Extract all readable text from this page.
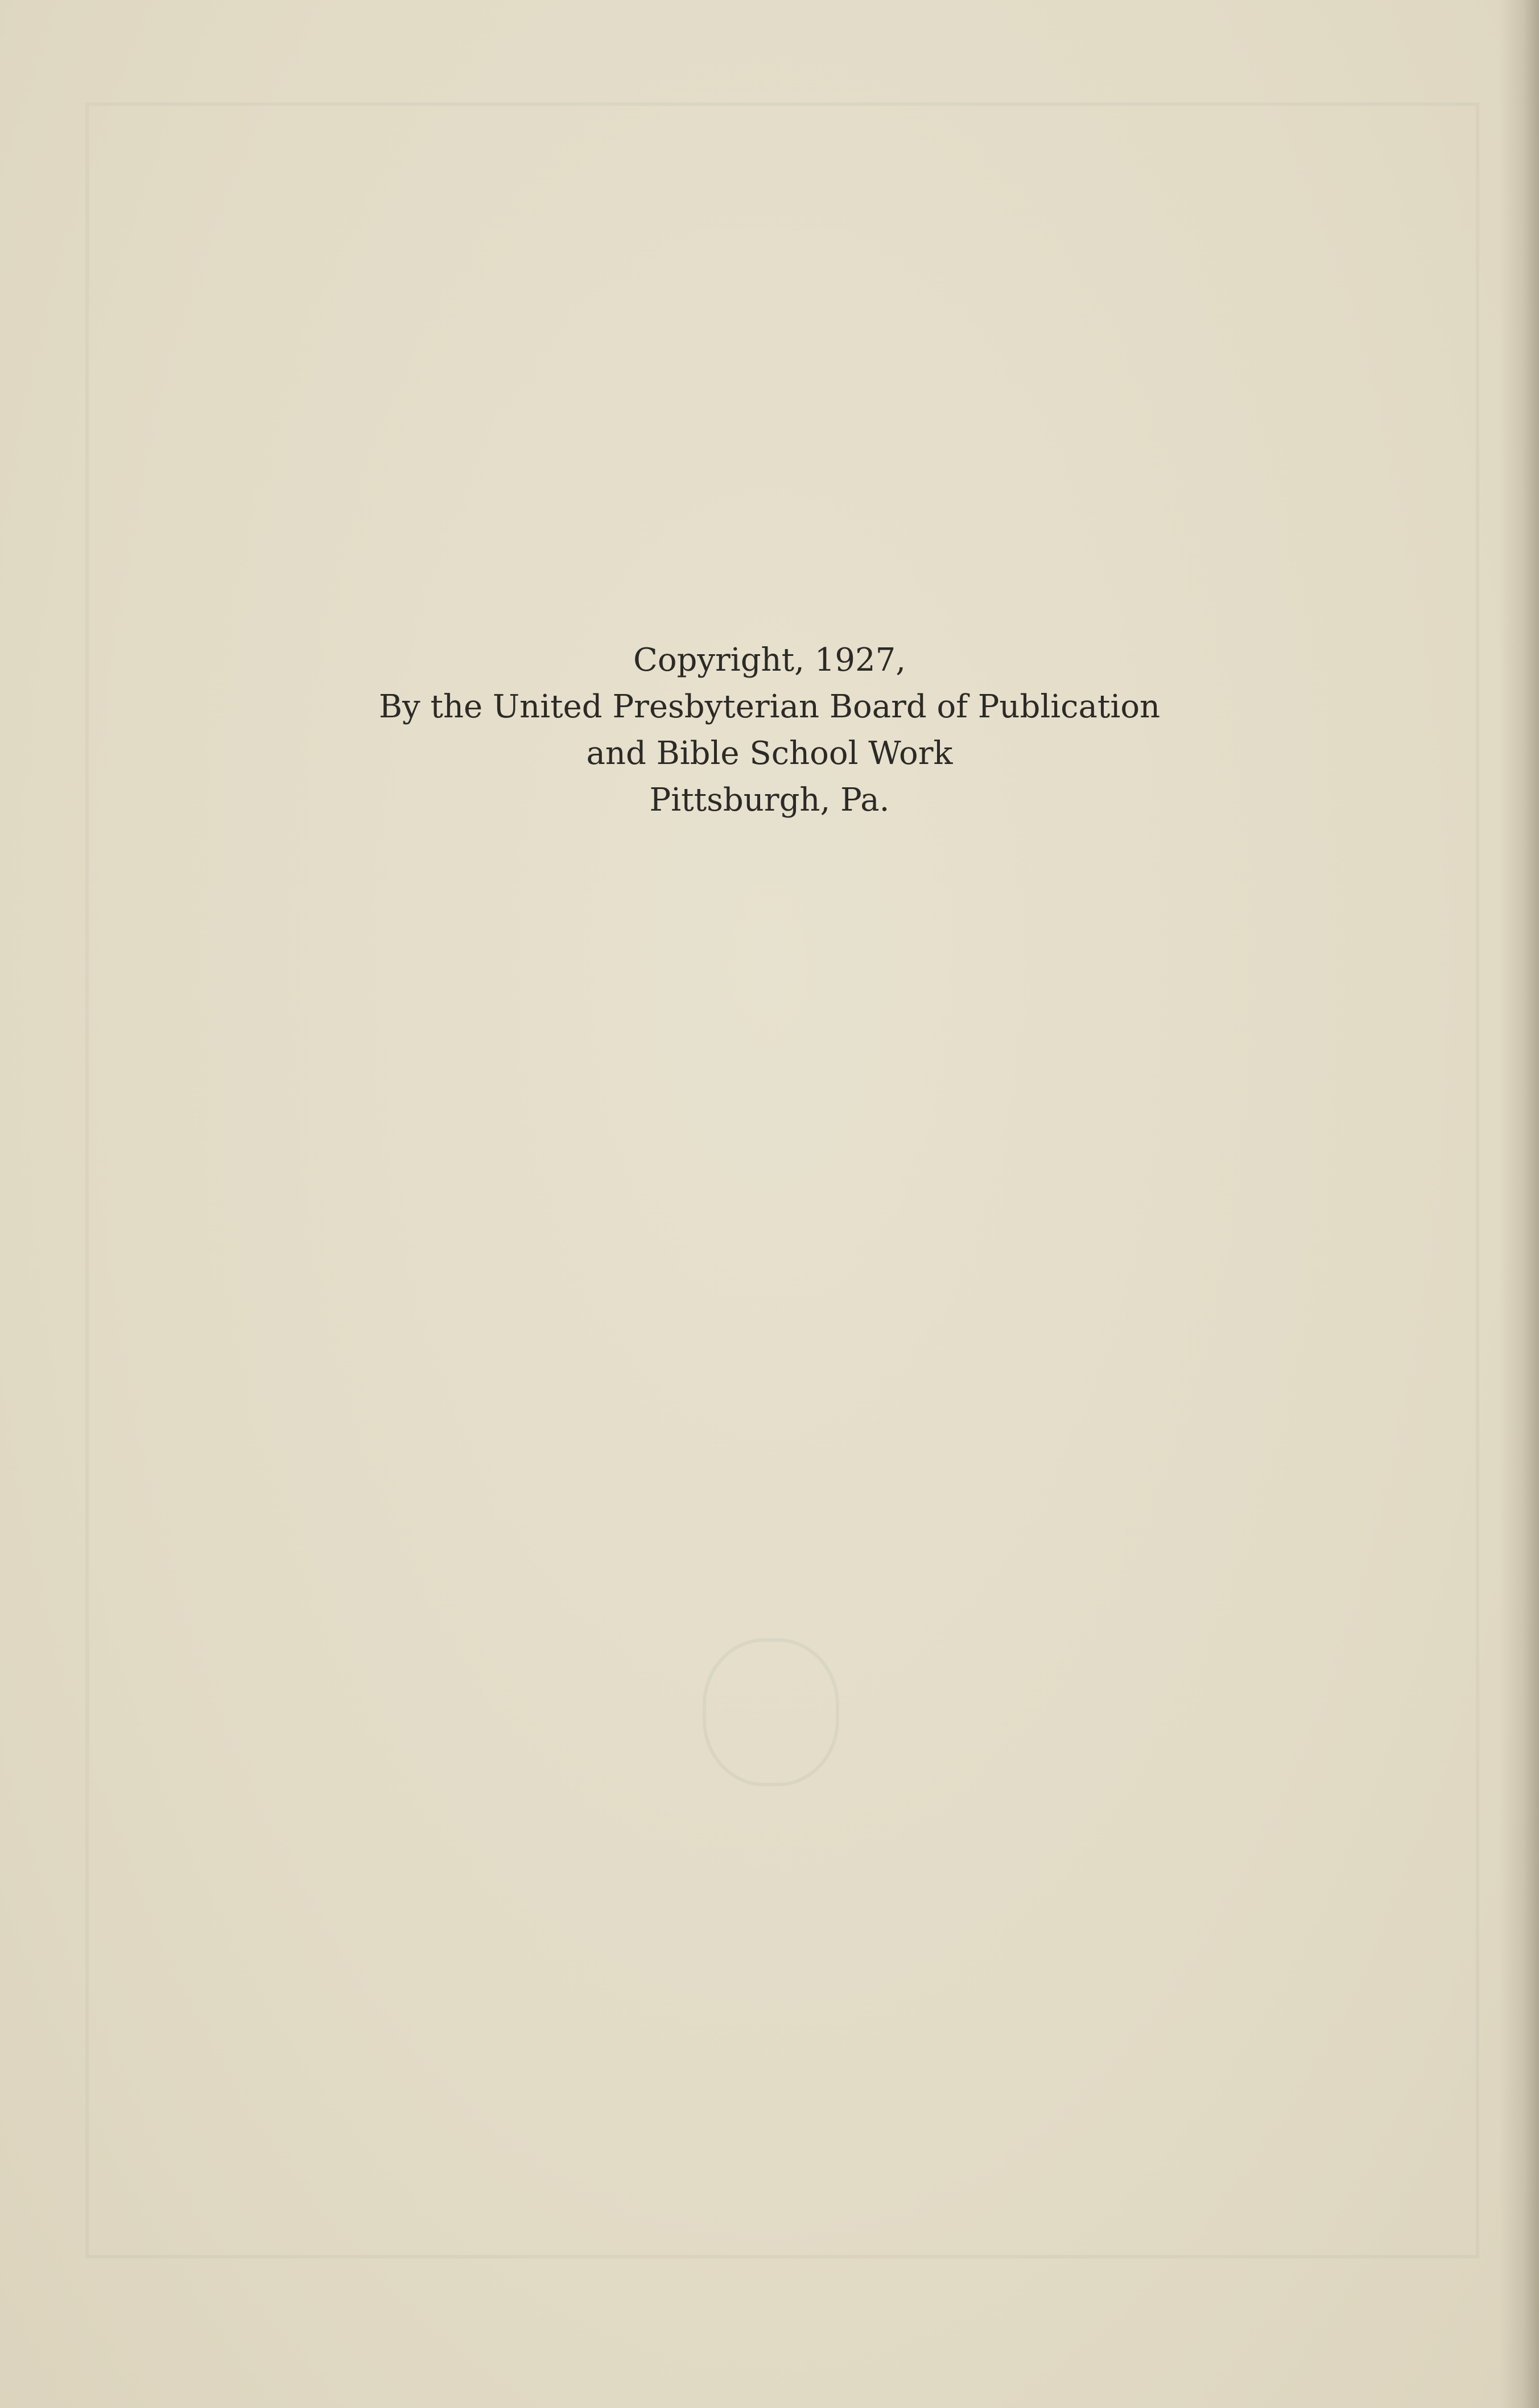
Copyright, 1927,
By the United Presbyterian Board of Publication
and Bible School Work
Pittsburgh, Pa.
